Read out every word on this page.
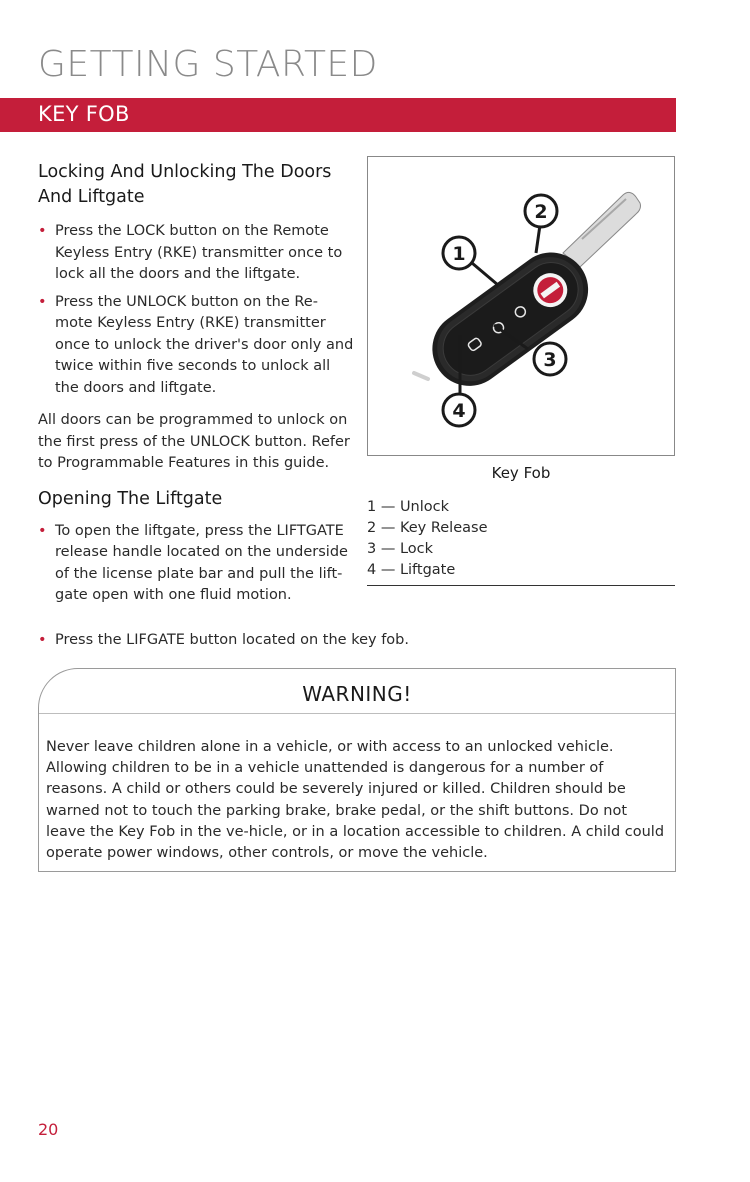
GETTING STARTED
KEY FOB
Locking And Unlocking The Doors And Liftgate
• Press the LOCK button on the Remote Keyless Entry (RKE) transmitter once to lock all the doors and the liftgate.
• Press the UNLOCK button on the Re-mote Keyless Entry (RKE) transmitter once to unlock the driver's door only and twice within five seconds to unlock all the doors and liftgate.

All doors can be programmed to unlock on the first press of the UNLOCK button. Refer to Programmable Features in this guide.

Opening The Liftgate
• To open the liftgate, press the LIFTGATE release handle located on the underside of the license plate bar and pull the lift-gate open with one fluid motion.
1
2
3
4
Key Fob
1 — Unlock
2 — Key Release
3 — Lock
4 — Liftgate
• Press the LIFGATE button located on the key fob.
WARNING!
Never leave children alone in a vehicle, or with access to an unlocked vehicle. Allowing children to be in a vehicle unattended is dangerous for a number of reasons. A child or others could be severely injured or killed. Children should be warned not to touch the parking brake, brake pedal, or the shift buttons. Do not leave the Key Fob in the ve-hicle, or in a location accessible to children. A child could operate power windows, other controls, or move the vehicle.
20
